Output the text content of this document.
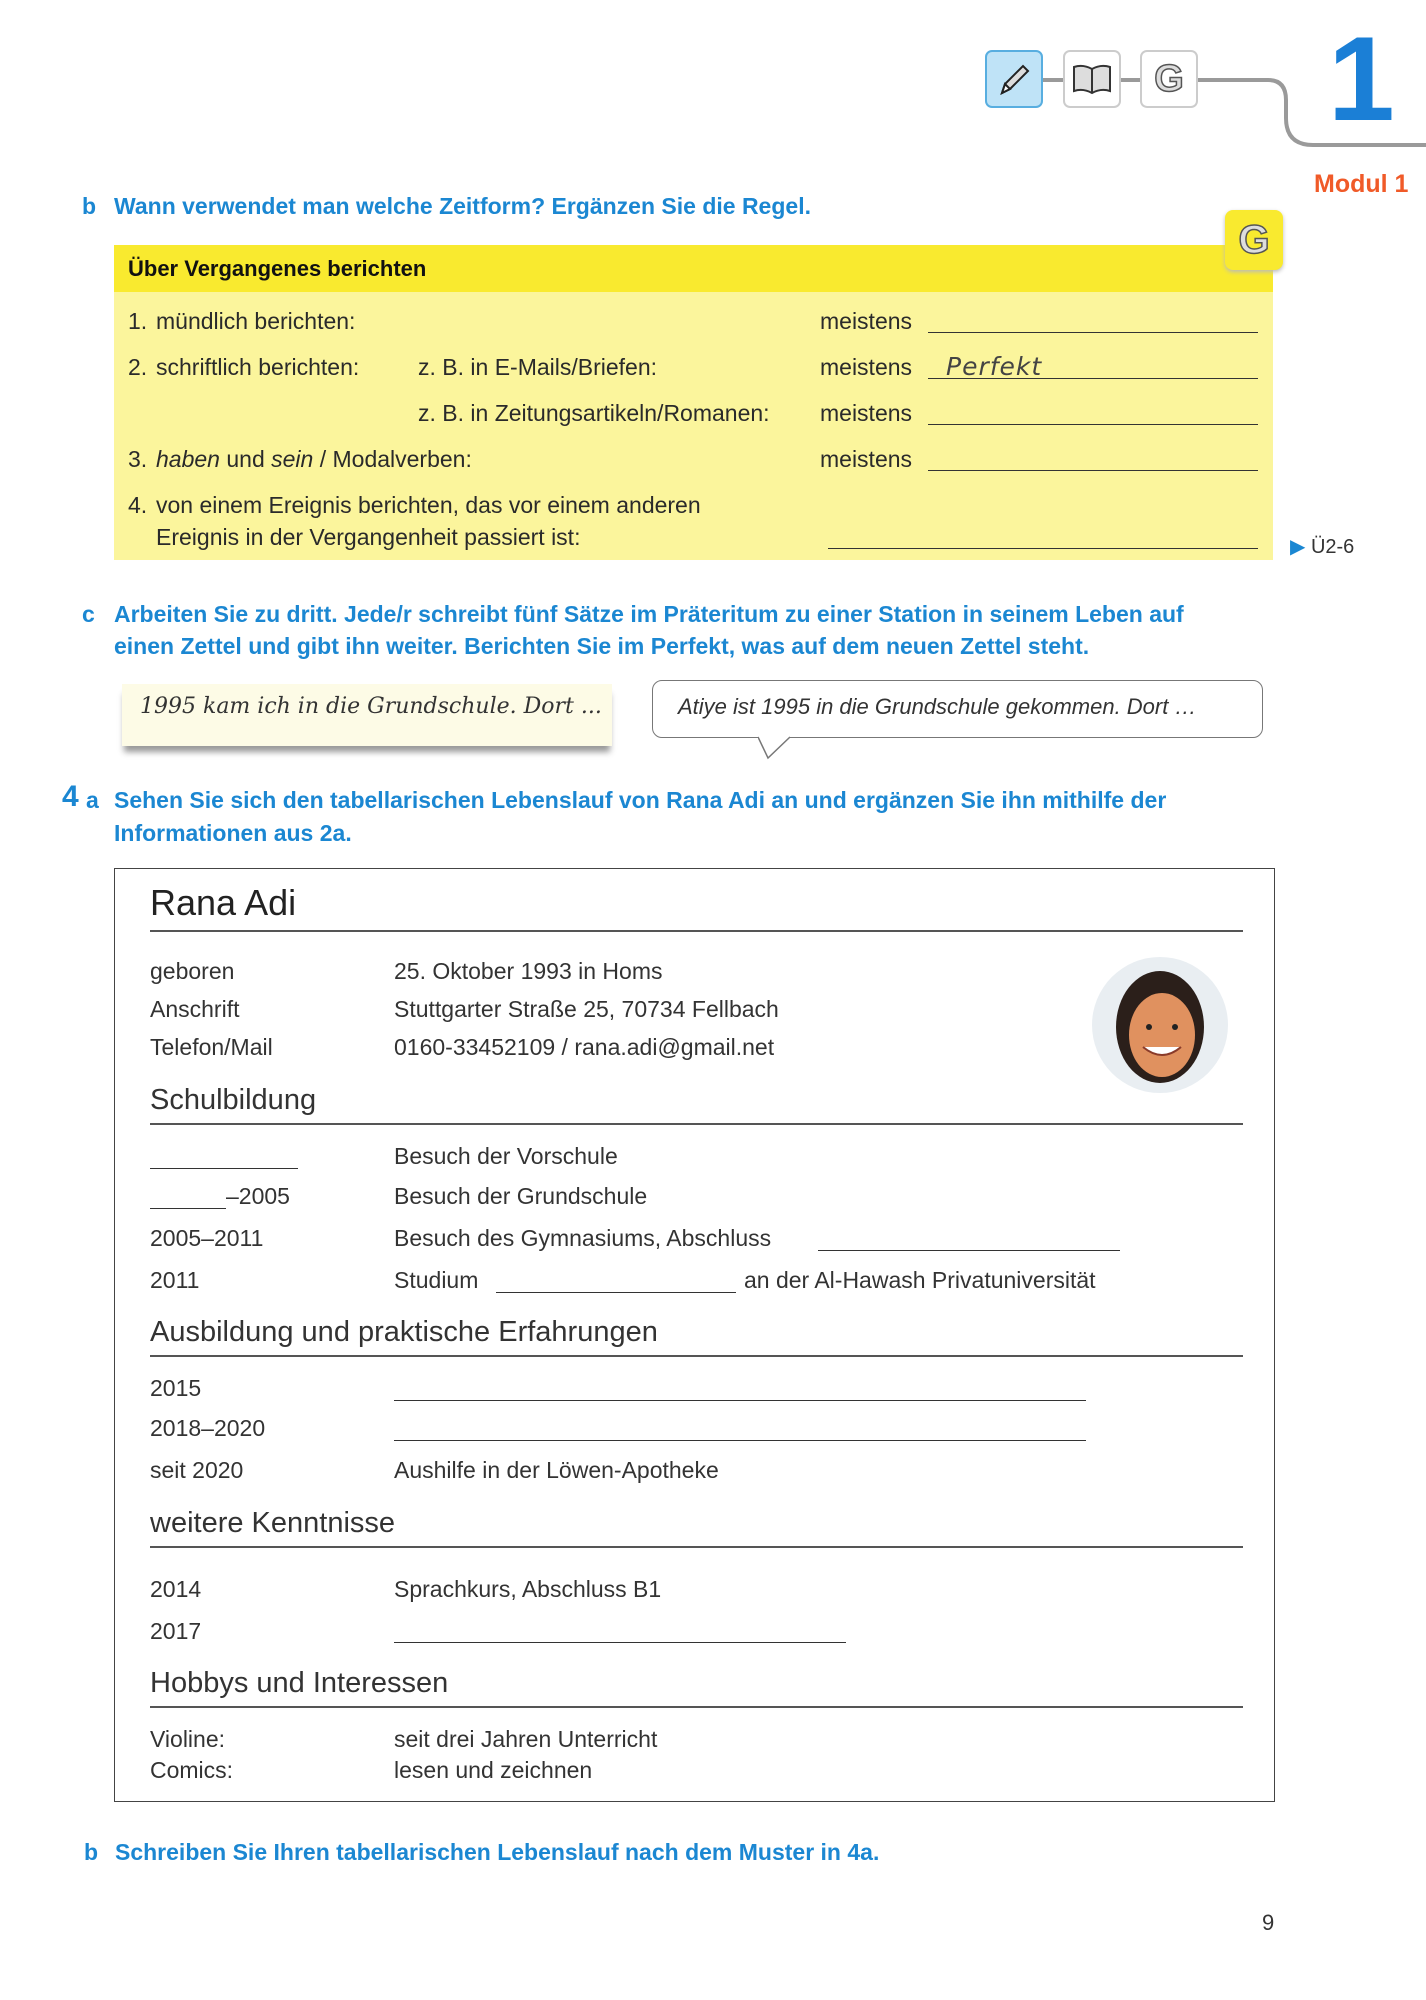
G 1
Modul 1
b Wann verwendet man welche Zeitform? Ergänzen Sie die Regel.
Über Vergangenes berichten
G
1. mündlich berichten:	meistens
2. schriftlich berichten:	z. B. in E-Mails/Briefen:	meistens Perfekt
z. B. in Zeitungsartikeln/Romanen: meistens
3. haben und sein / Modalverben:	meistens
4. von einem Ereignis berichten, das vor einem anderen
Ereignis in der Vergangenheit passiert ist:	▶ Ü2-6
c Arbeiten Sie zu dritt. Jede/r schreibt fünf Sätze im Präteritum zu einer Station in seinem Leben auf
einen Zettel und gibt ihn weiter. Berichten Sie im Perfekt, was auf dem neuen Zettel steht.
1995 kam ich in die Grundschule. Dort ...	Atiye ist 1995 in die Grundschule gekommen. Dort …
4 a Sehen Sie sich den tabellarischen Lebenslauf von Rana Adi an und ergänzen Sie ihn mithilfe der
Informationen aus 2a.
Rana Adi
geboren	25. Oktober 1993 in Homs
Anschrift	Stuttgarter Straße 25, 70734 Fellbach
Telefon/Mail	0160-33452109 / rana.adi@gmail.net
Schulbildung
Besuch der Vorschule
–2005	Besuch der Grundschule
2005–2011	Besuch des Gymnasiums, Abschluss
2011	Studium	an der Al-Hawash Privatuniversität
Ausbildung und praktische Erfahrungen
2015
2018–2020
seit 2020	Aushilfe in der Löwen-Apotheke
weitere Kenntnisse
2014	Sprachkurs, Abschluss B1
2017
Hobbys und Interessen
Violine:	seit drei Jahren Unterricht
Comics:	lesen und zeichnen
b Schreiben Sie Ihren tabellarischen Lebenslauf nach dem Muster in 4a.
9
